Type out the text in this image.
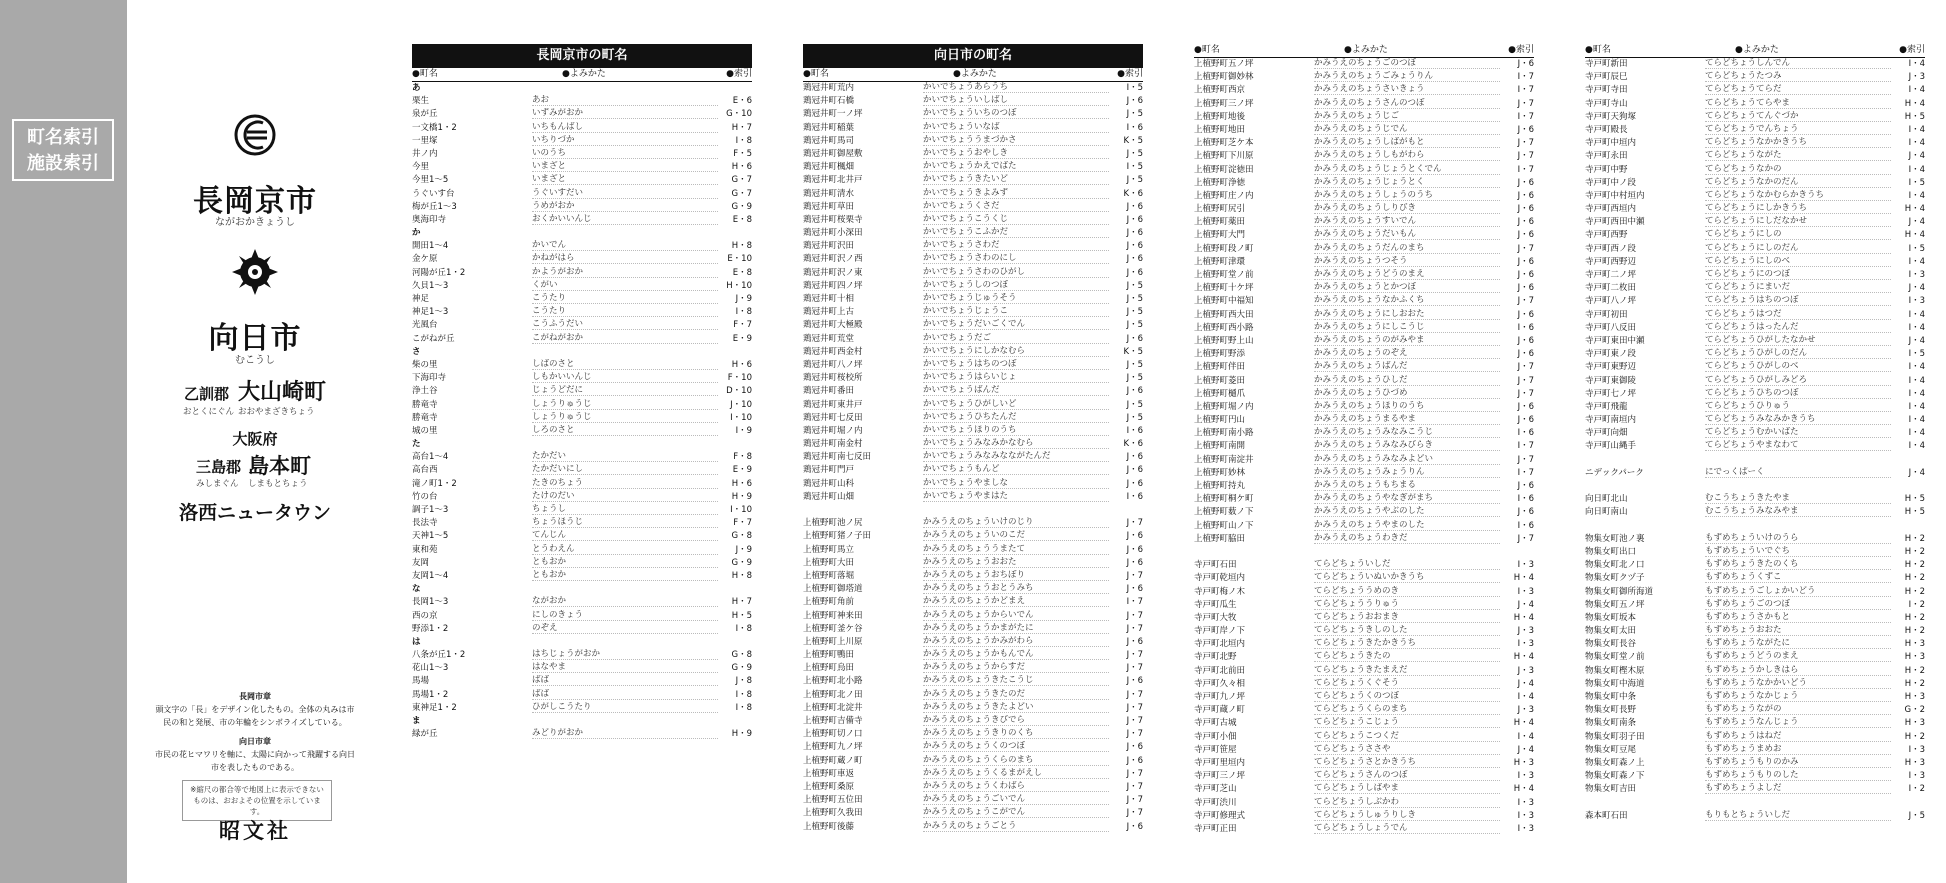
町名索引
施設索引
長岡京市
ながおかきょうし
向日市
むこうし
乙訓郡 大山崎町
おとくにぐん おおやまざきちょう
大阪府
三島郡 島本町
みしまぐん しまもとちょう
洛西ニュータウン
長岡市章
頭文字の「長」をデザイン化したもの。全体の丸みは市民の和と発展、市の年輪をシンボライズしている。
向日市章
市民の花ヒマワリを軸に、太陽に向かって飛躍する向日市を表したものである。
※縮尺の都合等で地図上に表示できないものは、おおよその位置を示しています。
昭文社
長岡京市の町名
●町名	●よみかた	●索引
あ
栗生	あお	E・6
泉が丘	いずみがおか	G・10
一文橋1・2	いちもんばし	H・7
一里塚	いちりづか	I・8
井ノ内	いのうち	F・5
今里	いまざと	H・6
今里1〜5	いまざと	G・7
うぐいす台	うぐいすだい	G・7
梅が丘1〜3	うめがおか	G・9
奥海印寺	おくかいいんじ	E・8
か
開田1〜4	かいでん	H・8
金ケ原	かねがはら	E・10
河陽が丘1・2	かようがおか	E・8
久貝1〜3	くがい	H・10
神足	こうたり	J・9
神足1〜3	こうたり	I・8
光風台	こうふうだい	F・7
こがねが丘	こがねがおか	E・9
さ
柴の里	しばのさと	H・6
下海印寺	しもかいいんじ	F・10
浄土谷	じょうどだに	D・10
勝竜寺	しょうりゅうじ	J・10
勝竜寺	しょうりゅうじ	I・10
城の里	しろのさと	I・9
た
高台1〜4	たかだい	F・8
高台西	たかだいにし	E・9
滝ノ町1・2	たきのちょう	H・6
竹の台	たけのだい	H・9
調子1〜3	ちょうし	I・10
長法寺	ちょうほうじ	F・7
天神1〜5	てんじん	G・8
東和苑	とうわえん	J・9
友岡	ともおか	G・9
友岡1〜4	ともおか	H・8
な
長岡1〜3	ながおか	H・7
西の京	にしのきょう	H・5
野添1・2	のぞえ	I・8
は
八条が丘1・2	はちじょうがおか	G・8
花山1〜3	はなやま	G・9
馬場	ばば	J・8
馬場1・2	ばば	I・8
東神足1・2	ひがしこうたり	I・8
ま
緑が丘	みどりがおか	H・9
向日市の町名
●町名	●よみかた	●索引
鶏冠井町荒内	かいでちょうあらうち	I・5
鶏冠井町石橋	かいでちょういしばし	J・6
鶏冠井町一ノ坪	かいでちょういちのつぼ	J・5
鶏冠井町稲葉	かいでちょういなば	I・6
鶏冠井町馬司	かいでちょううまづかさ	K・5
鶏冠井町御屋敷	かいでちょうおやしき	J・5
鶏冠井町楓畑	かいでちょうかえでばた	I・5
鶏冠井町北井戸	かいでちょうきたいど	J・5
鶏冠井町清水	かいでちょうきよみず	K・6
鶏冠井町草田	かいでちょうくさだ	J・6
鶏冠井町桜栗寺	かいでちょうこうくじ	J・6
鶏冠井町小深田	かいでちょうこふかだ	J・6
鶏冠井町沢田	かいでちょうさわだ	J・6
鶏冠井町沢ノ西	かいでちょうさわのにし	J・6
鶏冠井町沢ノ東	かいでちょうさわのひがし	J・6
鶏冠井町四ノ坪	かいでちょうしのつぼ	J・5
鶏冠井町十相	かいでちょうじゅうそう	J・5
鶏冠井町上古	かいでちょうじょうこ	J・5
鶏冠井町大極殿	かいでちょうだいごくでん	J・5
鶏冠井町荒堂	かいでちょうだご	J・6
鶏冠井町西金村	かいでちょうにしかなむら	K・5
鶏冠井町八ノ坪	かいでちょうはちのつぼ	J・5
鶏冠井町桜校所	かいでちょうはらいじょ	J・5
鶏冠井町番田	かいでちょうばんだ	J・6
鶏冠井町東井戸	かいでちょうひがしいど	J・5
鶏冠井町七反田	かいでちょうひちたんだ	J・5
鶏冠井町堀ノ内	かいでちょうほりのうち	I・6
鶏冠井町南金村	かいでちょうみなみかなむら	K・6
鶏冠井町南七反田	かいでちょうみなみなながたんだ	J・6
鶏冠井町門戸	かいでちょうもんど	J・6
鶏冠井町山科	かいでちょうやましな	J・6
鶏冠井町山畑	かいでちょうやまはた	I・6
上植野町池ノ尻	かみうえのちょういけのじり	J・7
上植野町猪ノ子田	かみうえのちょういのこだ	J・6
上植野町馬立	かみうえのちょううまたて	J・6
上植野町大田	かみうえのちょうおおた	J・6
上植野町落堀	かみうえのちょうおちぼり	J・7
上植野町御塔道	かみうえのちょうおとうみち	J・6
上植野町角前	かみうえのちょうかどまえ	I・7
上植野町神来田	かみうえのちょうからいでん	J・7
上植野町釜ケ谷	かみうえのちょうかまがたに	J・7
上植野町上川原	かみうえのちょうかみがわら	J・6
上植野町鴨田	かみうえのちょうかもんでん	J・7
上植野町烏田	かみうえのちょうからすだ	J・7
上植野町北小路	かみうえのちょうきたこうじ	J・6
上植野町北ノ田	かみうえのちょうきたのだ	J・7
上植野町北淀井	かみうえのちょうきたよどい	J・7
上植野町吉備寺	かみうえのちょうきびでら	J・7
上植野町切ノ口	かみうえのちょうきりのくち	J・7
上植野町九ノ坪	かみうえのちょうくのつぼ	J・6
上植野町蔵ノ町	かみうえのちょうくらのまち	J・6
上植野町車返	かみうえのちょうくるまがえし	J・7
上植野町桑原	かみうえのちょうくわばら	J・7
上植野町五位田	かみうえのちょうごいでん	J・7
上植野町久我田	かみうえのちょうこがでん	J・7
上植野町後藤	かみうえのちょうごとう	J・6
●町名	●よみかた	●索引
上植野町五ノ坪	かみうえのちょうごのつぼ	J・6
上植野町御妙林	かみうえのちょうごみょうりん	I・7
上植野町西京	かみうえのちょうさいきょう	I・7
上植野町三ノ坪	かみうえのちょうさんのつぼ	J・7
上植野町地後	かみうえのちょうじご	I・7
上植野町地田	かみうえのちょうじでん	J・6
上植野町芝ケ本	かみうえのちょうしばがもと	J・7
上植野町下川原	かみうえのちょうしもがわら	J・7
上植野町淀徳田	かみうえのちょうじょうとくでん	I・7
上植野町浄徳	かみうえのちょうじょうとく	J・6
上植野町庄ノ内	かみうえのちょうしょうのうち	J・6
上植野町尻引	かみうえのちょうしりびき	J・6
上植野町薬田	かみうえのちょうすいでん	J・6
上植野町大門	かみうえのちょうだいもん	J・6
上植野町段ノ町	かみうえのちょうだんのまち	J・7
上植野町津環	かみうえのちょうつそう	J・6
上植野町堂ノ前	かみうえのちょうどうのまえ	J・6
上植野町十ケ坪	かみうえのちょうとかつぼ	J・6
上植野町中福知	かみうえのちょうなかふくち	J・7
上植野町西大田	かみうえのちょうにしおおた	J・6
上植野町西小路	かみうえのちょうにしこうじ	I・6
上植野町野上山	かみうえのちょうのがみやま	J・6
上植野町野添	かみうえのちょうのぞえ	J・6
上植野町伴田	かみうえのちょうばんだ	J・7
上植野町菱田	かみうえのちょうひしだ	J・7
上植野町樋爪	かみうえのちょうひづめ	J・7
上植野町堀ノ内	かみうえのちょうほりのうち	J・6
上植野町円山	かみうえのちょうまるやま	J・6
上植野町南小路	かみうえのちょうみなみこうじ	I・6
上植野町南開	かみうえのちょうみなみびらき	I・7
上植野町南淀井	かみうえのちょうみなみよどい	J・7
上植野町妙林	かみうえのちょうみょうりん	I・7
上植野町持丸	かみうえのちょうもちまる	J・6
上植野町桐ケ町	かみうえのちょうやなぎがまち	I・6
上植野町薮ノ下	かみうえのちょうやぶのした	J・6
上植野町山ノ下	かみうえのちょうやまのした	I・6
上植野町脇田	かみうえのちょうわきだ	J・7
寺戸町石田	てらどちょういしだ	I・3
寺戸町乾垣内	てらどちょういぬいかきうち	H・4
寺戸町梅ノ木	てらどちょううめのき	I・3
寺戸町瓜生	てらどちょううりゅう	J・4
寺戸町大牧	てらどちょうおおまき	H・4
寺戸町岸ノ下	てらどちょうきしのした	J・3
寺戸町北垣内	てらどちょうきたかきうち	I・3
寺戸町北野	てらどちょうきたの	H・4
寺戸町北前田	てらどちょうきたまえだ	J・3
寺戸町久々相	てらどちょうくぐそう	J・4
寺戸町九ノ坪	てらどちょうくのつぼ	I・4
寺戸町蔵ノ町	てらどちょうくらのまち	J・3
寺戸町古城	てらどちょうこじょう	H・4
寺戸町小佃	てらどちょうこつくだ	I・4
寺戸町笹屋	てらどちょうささや	J・4
寺戸町里垣内	てらどちょうさとかきうち	H・3
寺戸町三ノ坪	てらどちょうさんのつぼ	I・3
寺戸町芝山	てらどちょうしばやま	H・4
寺戸町渋川	てらどちょうしぶかわ	I・3
寺戸町修理式	てらどちょうしゅうりしき	I・3
寺戸町正田	てらどちょうしょうでん	I・3
●町名	●よみかた	●索引
寺戸町新田	てらどちょうしんでん	I・4
寺戸町辰巳	てらどちょうたつみ	J・3
寺戸町寺田	てらどちょうてらだ	I・4
寺戸町寺山	てらどちょうてらやま	H・4
寺戸町天狗塚	てらどちょうてんぐづか	H・5
寺戸町殿長	てらどちょうでんちょう	I・4
寺戸町中垣内	てらどちょうなかかきうち	I・4
寺戸町永田	てらどちょうながた	J・4
寺戸町中野	てらどちょうなかの	I・4
寺戸町中ノ段	てらどちょうなかのだん	I・5
寺戸町中村垣内	てらどちょうなかむらかきうち	I・4
寺戸町西垣内	てらどちょうにしかきうち	H・4
寺戸町西田中瀬	てらどちょうにしだなかせ	J・4
寺戸町西野	てらどちょうにしの	H・4
寺戸町西ノ段	てらどちょうにしのだん	I・5
寺戸町西野辺	てらどちょうにしのべ	I・4
寺戸町二ノ坪	てらどちょうにのつぼ	I・3
寺戸町二枚田	てらどちょうにまいだ	J・4
寺戸町八ノ坪	てらどちょうはちのつぼ	I・3
寺戸町初田	てらどちょうはつだ	I・4
寺戸町八反田	てらどちょうはったんだ	I・4
寺戸町東田中瀬	てらどちょうひがしたなかせ	J・4
寺戸町東ノ段	てらどちょうひがしのだん	I・5
寺戸町東野辺	てらどちょうひがしのべ	I・4
寺戸町東御陵	てらどちょうひがしみどろ	I・4
寺戸町七ノ坪	てらどちょうひちのつぼ	I・4
寺戸町飛龍	てらどちょうひりゅう	I・4
寺戸町南垣内	てらどちょうみなみかきうち	I・4
寺戸町向畑	てらどちょうむかいばた	I・4
寺戸町山縄手	てらどちょうやまなわて	I・4
ニデックパーク	にでっくぱーく	J・4
向日町北山	むこうちょうきたやま	H・5
向日町南山	むこうちょうみなみやま	H・5
物集女町池ノ裏	もずめちょういけのうら	H・2
物集女町出口	もずめちょういでぐち	H・2
物集女町北ノ口	もずめちょうきたのくち	H・2
物集女町クヅ子	もずめちょうくずこ	H・2
物集女町御所海道	もずめちょうごしょかいどう	H・2
物集女町五ノ坪	もずめちょうごのつぼ	I・2
物集女町坂本	もずめちょうさかもと	H・2
物集女町太田	もずめちょうおおた	H・2
物集女町長谷	もずめちょうながたに	H・3
物集女町堂ノ前	もずめちょうどうのまえ	H・3
物集女町樫木原	もずめちょうかしきはら	H・2
物集女町中海道	もずめちょうなかかいどう	H・2
物集女町中条	もずめちょうなかじょう	H・3
物集女町長野	もずめちょうながの	G・2
物集女町南条	もずめちょうなんじょう	H・3
物集女町羽子田	もずめちょうはねだ	H・2
物集女町豆尾	もずめちょうまめお	I・3
物集女町森ノ上	もずめちょうもりのかみ	H・3
物集女町森ノ下	もずめちょうもりのした	I・3
物集女町吉田	もずめちょうよしだ	I・2
森本町石田	もりもとちょういしだ	J・5
